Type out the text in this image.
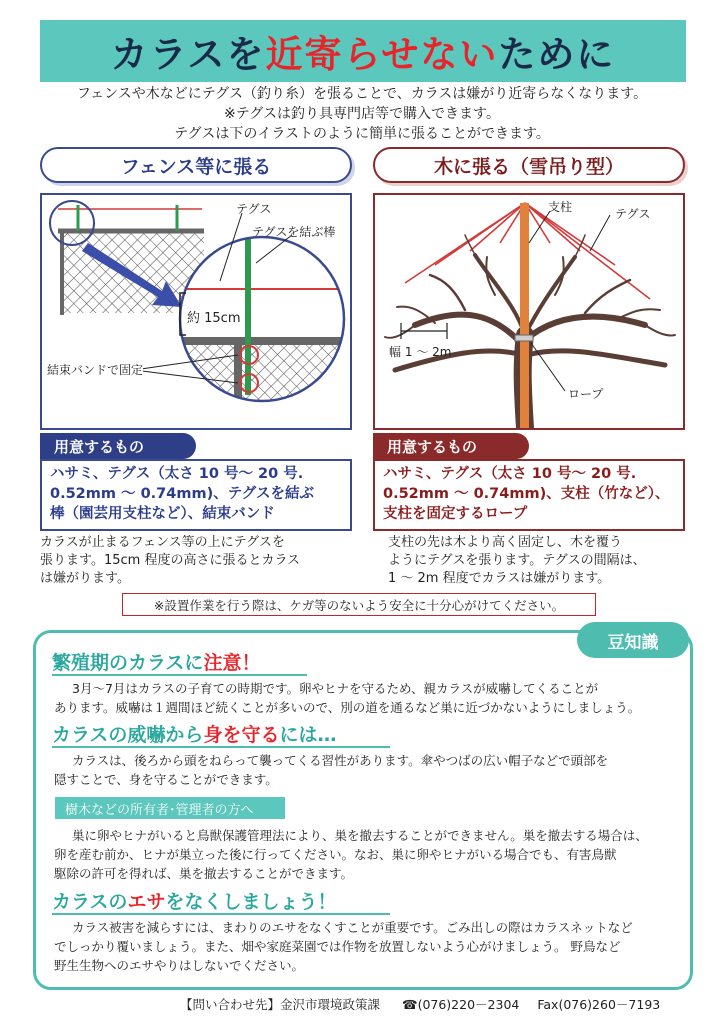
カラスを近寄らせないために
フェンスや木などにテグス（釣り糸）を張ることで、カラスは嫌がり近寄らなくなります。
※テグスは釣り具専門店等で購入できます。
テグスは下のイラストのように簡単に張ることができます。
フェンス等に張る
テグス
テグスを結ぶ棒
約 15cm
結束バンドで固定
用意するもの
ハサミ、テグス（太さ 10 号～ 20 号.
0.52mm ～ 0.74mm)、テグスを結ぶ
棒（園芸用支柱など）、結束バンド
カラスが止まるフェンス等の上にテグスを
張ります。15cm 程度の高さに張るとカラス
は嫌がります。
木に張る（雪吊り型）
支柱	テグス
幅 1 ～ 2m
ロープ
用意するもの
ハサミ、テグス（太さ 10 号～ 20 号.
0.52mm ～ 0.74mm)、支柱（竹など）、
支柱を固定するロープ
支柱の先は木より高く固定し、木を覆う
ようにテグスを張ります。テグスの間隔は、
1 ～ 2m 程度でカラスは嫌がります。
※設置作業を行う際は、ケガ等のないよう安全に十分心がけてください。
豆知識
繁殖期のカラスに注意！
3月～7月はカラスの子育ての時期です。卵やヒナを守るため、親カラスが威嚇してくることが
あります。威嚇は１週間ほど続くことが多いので、別の道を通るなど巣に近づかないようにしましょう。
カラスの威嚇から身を守るには…
カラスは、後ろから頭をねらって襲ってくる習性があります。傘やつばの広い帽子などで頭部を
隠すことで、身を守ることができます。
樹木などの所有者･管理者の方へ
巣に卵やヒナがいると鳥獣保護管理法により、巣を撤去することができません。巣を撤去する場合は、
卵を産む前か、ヒナが巣立った後に行ってください。なお、巣に卵やヒナがいる場合でも、有害鳥獣
駆除の許可を得れば、巣を撤去することができます。
カラスのエサをなくしましょう！
カラス被害を減らすには、まわりのエサをなくすことが重要です。ごみ出しの際はカラスネットなど
でしっかり覆いましょう。また、畑や家庭菜園では作物を放置しないよう心がけましょう。 野鳥など
野生生物へのエサやりはしないでください。
【問い合わせ先】金沢市環境政策課 ☎(076)220－2304 Fax(076)260－7193
